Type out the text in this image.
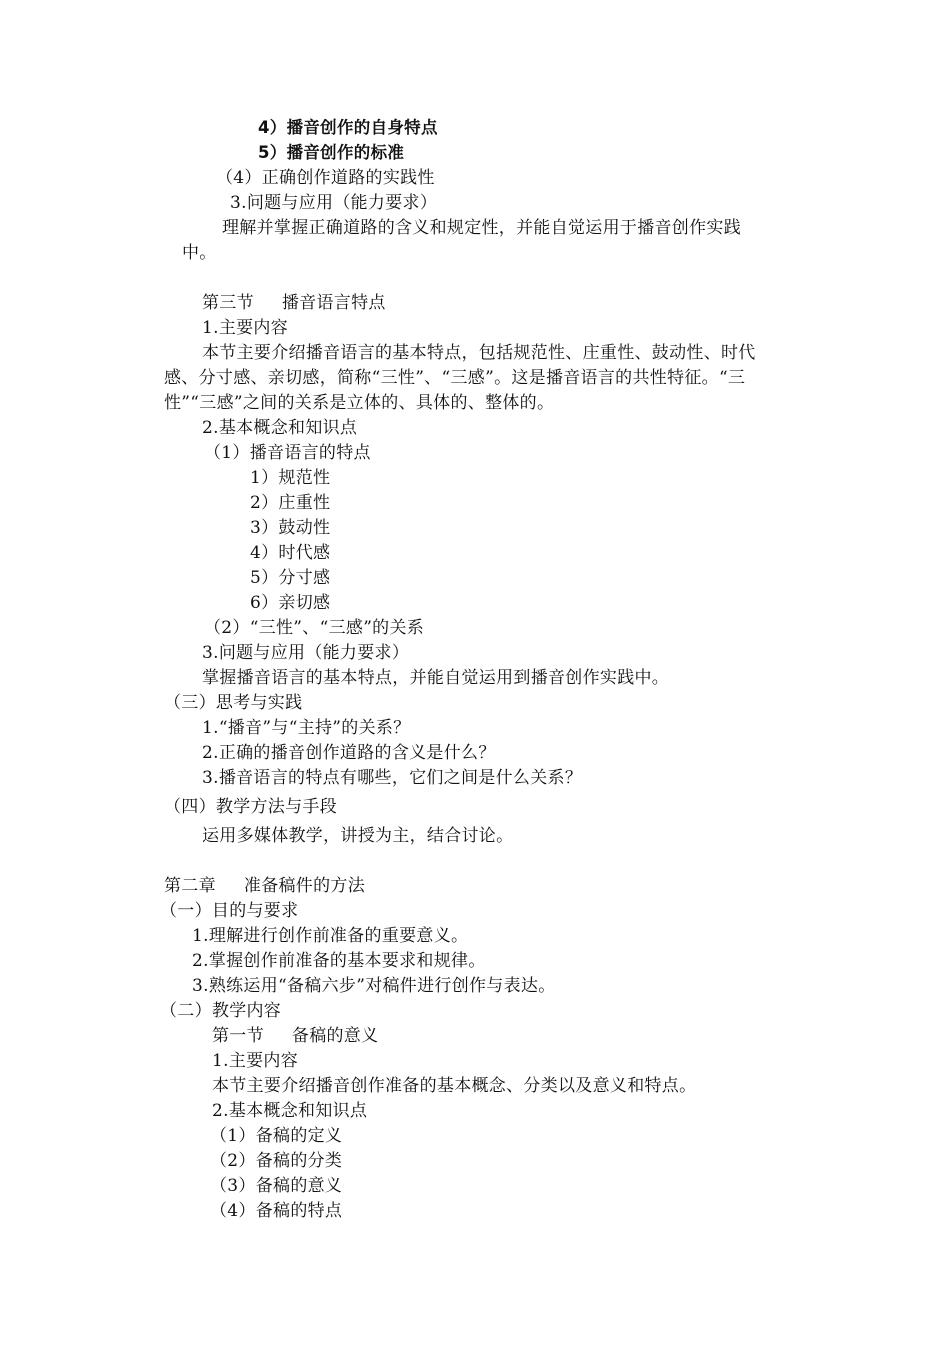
4）播音创作的自身特点

5）播音创作的标准

（4）正确创作道路的实践性

3.问题与应用（能力要求）

理解并掌握正确道路的含义和规定性，并能自觉运用于播音创作实践

中。

第三节 播音语言特点

1.主要内容

本节主要介绍播音语言的基本特点，包括规范性、庄重性、鼓动性、时代

感、分寸感、亲切感，简称“三性”、“三感”。这是播音语言的共性特征。“三

性”“三感”之间的关系是立体的、具体的、整体的。

2.基本概念和知识点

（1）播音语言的特点

1）规范性

2）庄重性

3）鼓动性

4）时代感

5）分寸感

6）亲切感

（2）“三性”、“三感”的关系

3.问题与应用（能力要求）

掌握播音语言的基本特点，并能自觉运用到播音创作实践中。

（三）思考与实践

1.“播音”与“主持”的关系？

2.正确的播音创作道路的含义是什么？

3.播音语言的特点有哪些，它们之间是什么关系？

（四）教学方法与手段

运用多媒体教学，讲授为主，结合讨论。

第二章 准备稿件的方法

（一）目的与要求

1.理解进行创作前准备的重要意义。

2.掌握创作前准备的基本要求和规律。

3.熟练运用“备稿六步”对稿件进行创作与表达。

（二）教学内容

第一节 备稿的意义

1.主要内容

本节主要介绍播音创作准备的基本概念、分类以及意义和特点。

2.基本概念和知识点

（1）备稿的定义

（2）备稿的分类

（3）备稿的意义

（4）备稿的特点
